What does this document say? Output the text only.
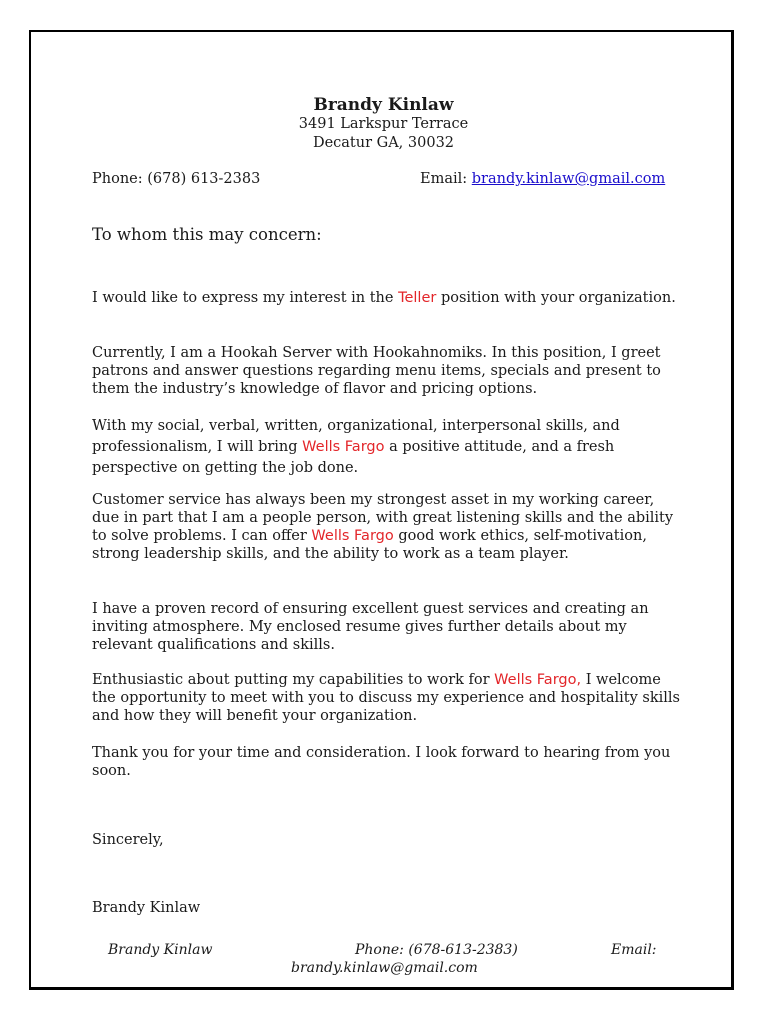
Brandy Kinlaw
3491 Larkspur Terrace
Decatur GA, 30032
Phone: (678) 613-2383	Email: brandy.kinlaw@gmail.com
To whom this may concern:
I would like to express my interest in the Teller position with your organization.
Currently, I am a Hookah Server with Hookahnomiks. In this position, I greet patrons and answer questions regarding menu items, specials and present to them the industry’s knowledge of flavor and pricing options.
With my social, verbal, written, organizational, interpersonal skills, and professionalism, I will bring Wells Fargo a positive attitude, and a fresh perspective on getting the job done.
Customer service has always been my strongest asset in my working career, due in part that I am a people person, with great listening skills and the ability to solve problems. I can offer Wells Fargo good work ethics, self-motivation, strong leadership skills, and the ability to work as a team player.
I have a proven record of ensuring excellent guest services and creating an inviting atmosphere. My enclosed resume gives further details about my relevant qualifications and skills.
Enthusiastic about putting my capabilities to work for Wells Fargo, I welcome the opportunity to meet with you to discuss my experience and hospitality skills and how they will benefit your organization.
Thank you for your time and consideration. I look forward to hearing from you soon.
Sincerely,
Brandy Kinlaw
Brandy Kinlaw	Phone: (678-613-2383)	Email:
brandy.kinlaw@gmail.com
